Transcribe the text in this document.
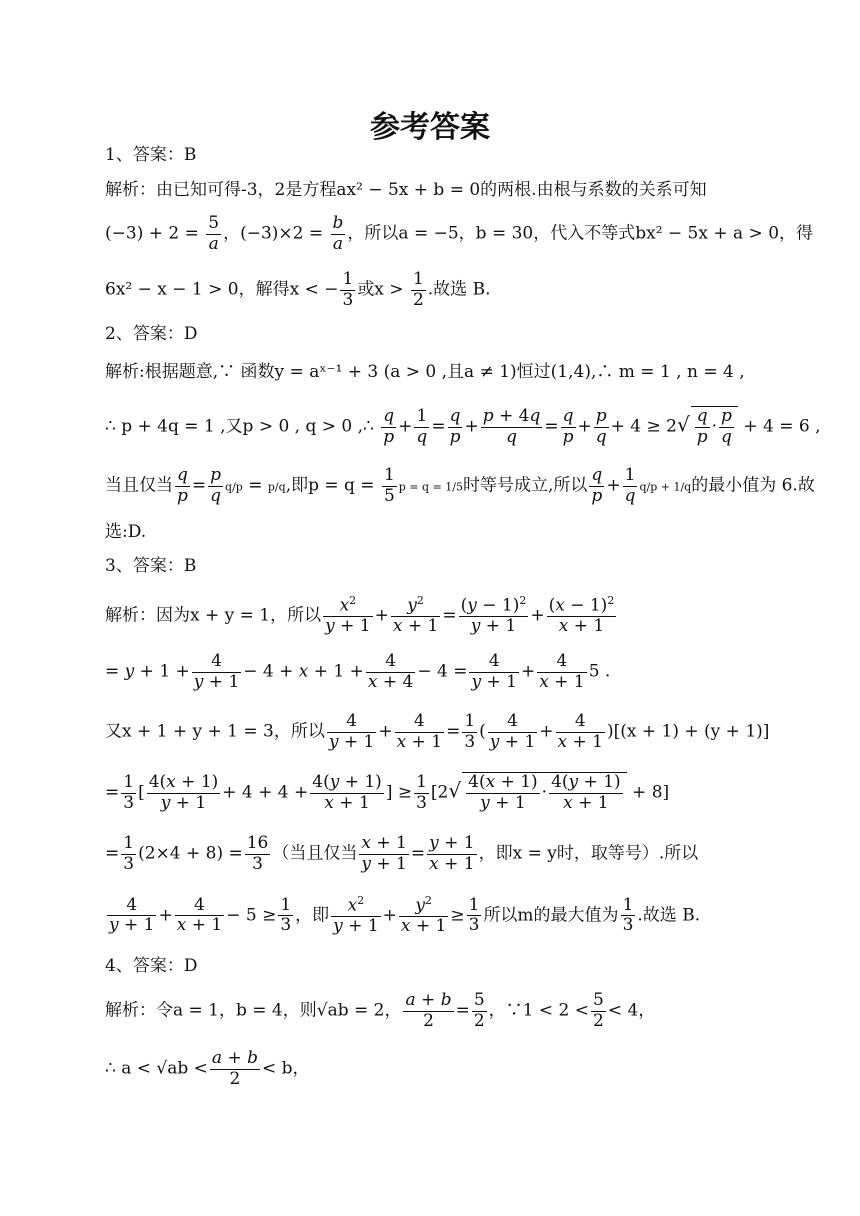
参考答案
1、答案：B
解析：由已知可得-3，2是方程ax² − 5x + b = 0的两根.由根与系数的关系可知
$(-3) + 2 = \frac{5}{a}$ ，$(-3)\times 2 = \frac{b}{a}$ ，所以a = −5，b = 30，代入不等式bx² − 5x + a > 0，得
6x² − x − 1 > 0，解得x < − $\frac{1}{3}$ 或$x > \frac{1}{2}$ .故选 B.
2、答案：D
解析:根据题意,∵ 函数y = aˣ⁻¹ + 3 (a > 0 ,且a ≠ 1)恒过(1,4),∴ m = 1 , n = 4 ,
∴ p + 4q = 1 ,又p > 0 , q > 0 ,∴ $\frac{q}{p} + \frac{1}{q} = \frac{q}{p} + \frac{p + 4q}{q} = \frac{q}{p} + \frac{p}{q} + 4 \ge 2√ \frac{q}{p} \cdot \frac{p}{q} + 4 = 6$ ,
当且仅当 $\frac{q}{p} = \frac{p}{q} q/p = p/q$,即$p = q = \frac{1}{5}$ p = q = 1/5时等号成立,所以 $\frac{q}{p} + \frac{1}{q} q/p + 1/q$的最小值为 6.故
选:D.
3、答案：B
解析：因为x + y = 1，所以 $\frac{x^2}{y + 1} + \frac{y^2}{x + 1} = \frac{(y - 1)^2}{y + 1} + \frac{(x - 1)^2}{x + 1}$
= $y + 1 + \frac{4}{y + 1} - 4 + x + 1 + \frac{4}{x + 4} - 4 = \frac{4}{y + 1} + \frac{4}{x + 1} 5$ .
又x + 1 + y + 1 = 3，所以 $\frac{4}{y + 1} + \frac{4}{x + 1} = \frac{1}{3}$ ( $\frac{4}{y + 1} + \frac{4}{x + 1} )[(x + 1) + (y + 1)]$
= $\frac{1}{3}$ [ $\frac{4(x + 1)}{y + 1} + 4 + 4 + \frac{4(y + 1)}{x + 1}$ ] ≥ $\frac{1}{3} [2√ \frac{4(x + 1)}{y + 1} \cdot \frac{4(y + 1)}{x + 1} + 8]$
= $\frac{1}{3} (2\times 4 + 8) = \frac{16}{3}$ （当且仅当 $\frac{x + 1}{y + 1} = \frac{y + 1}{x + 1}$ ，即x = y时，取等号）.所以
$\frac{4}{y + 1} + \frac{4}{x + 1} - 5 \ge \frac{1}{3}$ ，即 $\frac{x^2}{y + 1} + \frac{y^2}{x + 1} \ge \frac{1}{3}$ 所以m的最大值为 $\frac{1}{3}$ .故选 B.
4、答案：D
解析：令a = 1，b = 4，则√ab = 2， $\frac{a + b}{2} = \frac{5}{2}$ ，∵1 < $2 < \frac{5}{2} < 4$，
∴ $a < √ab < \frac{a + b}{2} < b$，
